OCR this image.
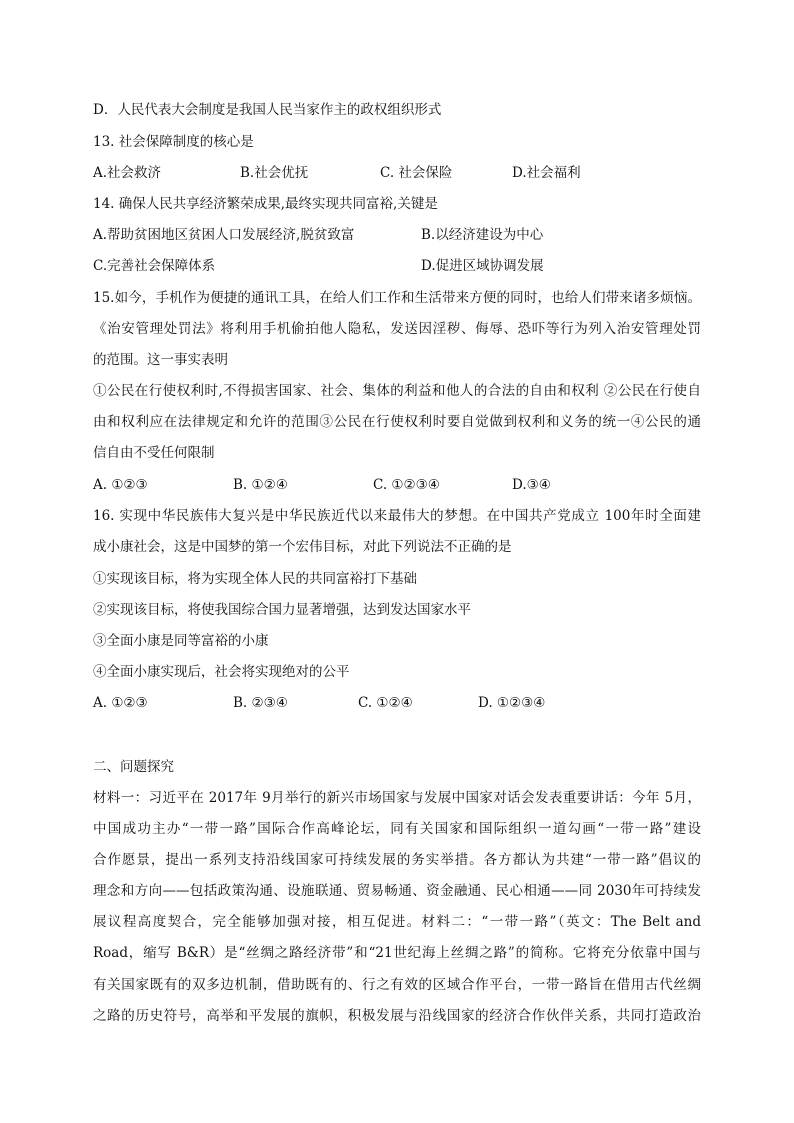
D．人民代表大会制度是我国人民当家作主的政权组织形式
13. 社会保障制度的核心是
A.社会救济	B.社会优抚	C. 社会保险	D.社会福利
14. 确保人民共享经济繁荣成果,最终实现共同富裕,关键是
A.帮助贫困地区贫困人口发展经济,脱贫致富	B.以经济建设为中心
C.完善社会保障体系	D.促进区域协调发展
15.如今，手机作为便捷的通讯工具，在给人们工作和生活带来方便的同时，也给人们带来诸多烦恼。
《治安管理处罚法》将利用手机偷拍他人隐私，发送因淫秽、侮辱、恐吓等行为列入治安管理处罚
的范围。这一事实表明
①公民在行使权利时,不得损害国家、社会、集体的利益和他人的合法的自由和权利 ②公民在行使自
由和权利应在法律规定和允许的范围③公民在行使权利时要自觉做到权利和义务的统一④公民的通
信自由不受任何限制
A. ①②③	B. ①②④	C. ①②③④	D.③④
16. 实现中华民族伟大复兴是中华民族近代以来最伟大的梦想。在中国共产党成立 100年时全面建
成小康社会，这是中国梦的第一个宏伟目标，对此下列说法不正确的是
①实现该目标，将为实现全体人民的共同富裕打下基础
②实现该目标，将使我国综合国力显著增强，达到发达国家水平
③全面小康是同等富裕的小康
④全面小康实现后，社会将实现绝对的公平
A. ①②③	B. ②③④	C. ①②④	D. ①②③④
二、问题探究
材料一：习近平在 2017年 9月举行的新兴市场国家与发展中国家对话会发表重要讲话：今年 5月，
中国成功主办“一带一路”国际合作高峰论坛，同有关国家和国际组织一道勾画“一带一路”建设
合作愿景，提出一系列支持沿线国家可持续发展的务实举措。各方都认为共建“一带一路”倡议的
理念和方向——包括政策沟通、设施联通、贸易畅通、资金融通、民心相通——同 2030年可持续发
展议程高度契合，完全能够加强对接，相互促进。材料二：“一带一路”（英文：The Belt and
Road，缩写 B&R）是“丝绸之路经济带”和“21世纪海上丝绸之路”的简称。它将充分依靠中国与
有关国家既有的双多边机制，借助既有的、行之有效的区域合作平台，一带一路旨在借用古代丝绸
之路的历史符号，高举和平发展的旗帜，积极发展与沿线国家的经济合作伙伴关系，共同打造政治
